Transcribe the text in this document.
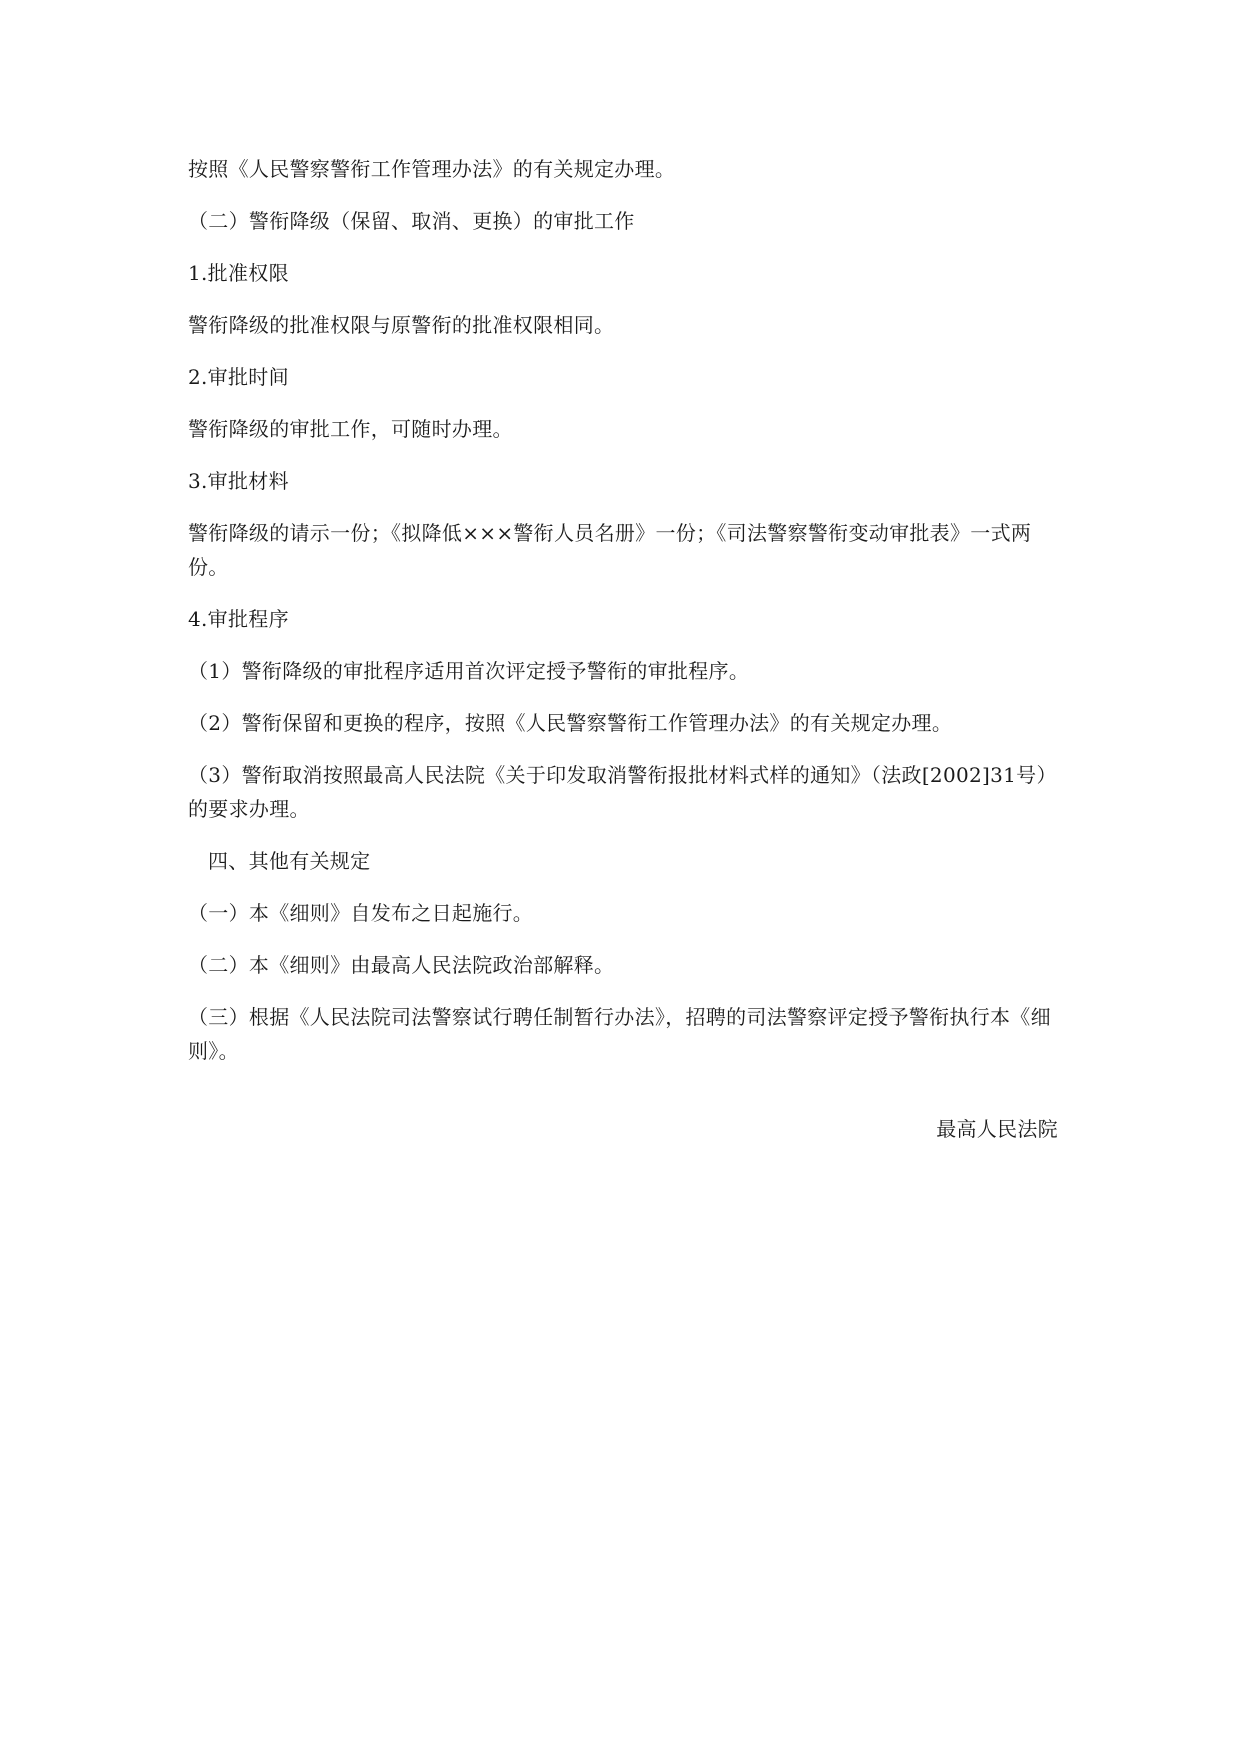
按照《人民警察警衔工作管理办法》的有关规定办理。

（二）警衔降级（保留、取消、更换）的审批工作

1.批准权限

警衔降级的批准权限与原警衔的批准权限相同。

2.审批时间

警衔降级的审批工作，可随时办理。

3.审批材料

警衔降级的请示一份；《拟降低×××警衔人员名册》一份；《司法警察警衔变动审批表》一式两份。

4.审批程序

（1）警衔降级的审批程序适用首次评定授予警衔的审批程序。

（2）警衔保留和更换的程序，按照《人民警察警衔工作管理办法》的有关规定办理。

（3）警衔取消按照最高人民法院《关于印发取消警衔报批材料式样的通知》（法政[2002]31号）的要求办理。

四、其他有关规定

（一）本《细则》自发布之日起施行。

（二）本《细则》由最高人民法院政治部解释。

（三）根据《人民法院司法警察试行聘任制暂行办法》，招聘的司法警察评定授予警衔执行本《细则》。

最高人民法院
